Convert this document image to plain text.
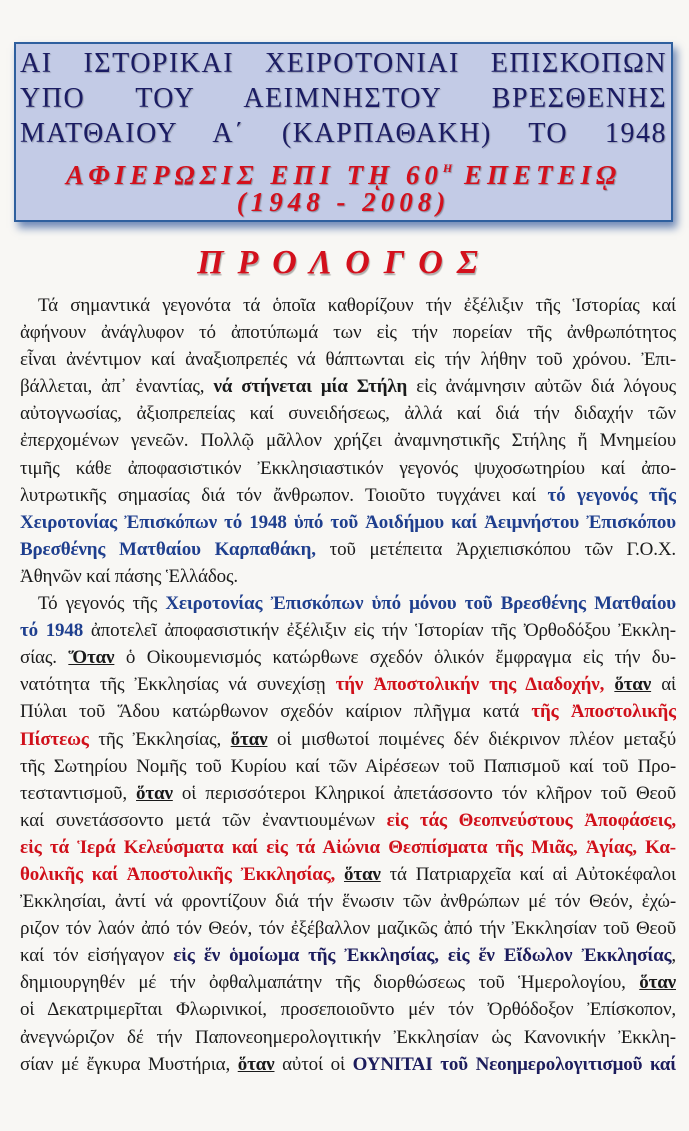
ΑΙ ΙΣΤΟΡΙΚΑΙ ΧΕΙΡΟΤΟΝΙΑΙ ΕΠΙΣΚΟΠΩΝ
ΥΠΟ ΤΟΥ ΑΕΙΜΝΗΣΤΟΥ ΒΡΕΣΘΕΝΗΣ
ΜΑΤΘΑΙΟΥ Α΄ (ΚΑΡΠΑΘΑΚΗ) ΤΟ 1948
ΑΦΙΕΡΩΣΙΣ ΕΠΙ Τῌ $60^H$ ΕΠΕΤΕΙῼ
(1948 - 2008)
ΠΡΟΛΟΓΟΣ
Τά σημαντικά γεγονότα τά ὁποῖα καθορίζουν τήν ἐξέλιξιν τῆς Ἱστορίας καί
ἀφήνουν ἀνάγλυφον τό ἀποτύπωμά των εἰς τήν πορείαν τῆς ἀνθρωπότητος
εἶναι ἀνέντιμον καί ἀναξιοπρεπές νά θάπτωνται εἰς τήν λήθην τοῦ χρόνου. Ἐπι-
βάλλεται, ἀπ᾽ ἐναντίας, νά στήνεται μία Στήλη εἰς ἀνάμνησιν αὐτῶν διά λόγους
αὐτογνωσίας, ἀξιοπρεπείας καί συνειδήσεως, ἀλλά καί διά τήν διδαχήν τῶν
ἐπερχομένων γενεῶν. Πολλῷ μᾶλλον χρήζει ἀναμνηστικῆς Στήλης ἤ Μνημείου
τιμῆς κάθε ἀποφασιστικόν Ἐκκλησιαστικόν γεγονός ψυχοσωτηρίου καί ἀπο-
λυτρωτικῆς σημασίας διά τόν ἄνθρωπον. Τοιοῦτο τυγχάνει καί τό γεγονός τῆς
Χειροτονίας Ἐπισκόπων τό 1948 ὑπό τοῦ Ἀοιδήμου καί Ἀειμνήστου Ἐπισκόπου
Βρεσθένης Ματθαίου Καρπαθάκη, τοῦ μετέπειτα Ἀρχιεπισκόπου τῶν Γ.Ο.Χ.
Ἀθηνῶν καί πάσης Ἑλλάδος.
Τό γεγονός τῆς Χειροτονίας Ἐπισκόπων ὑπό μόνου τοῦ Βρεσθένης Ματθαίου
τό 1948 ἀποτελεῖ ἀποφασιστικήν ἐξέλιξιν εἰς τήν Ἱστορίαν τῆς Ὀρθοδόξου Ἐκκλη-
σίας. Ὅταν ὁ Οἰκουμενισμός κατώρθωνε σχεδόν ὁλικόν ἔμφραγμα εἰς τήν δυ-
νατότητα τῆς Ἐκκλησίας νά συνεχίσῃ τήν Ἀποστολικήν της Διαδοχήν, ὅταν αἱ
Πύλαι τοῦ Ἅδου κατώρθωνον σχεδόν καίριον πλῆγμα κατά τῆς Ἀποστολικῆς
Πίστεως τῆς Ἐκκλησίας, ὅταν οἱ μισθωτοί ποιμένες δέν διέκρινον πλέον μεταξύ
τῆς Σωτηρίου Νομῆς τοῦ Κυρίου καί τῶν Αἱρέσεων τοῦ Παπισμοῦ καί τοῦ Προ-
τεσταντισμοῦ, ὅταν οἱ περισσότεροι Κληρικοί ἀπετάσσοντο τόν κλῆρον τοῦ Θεοῦ
καί συνετάσσοντο μετά τῶν ἐναντιουμένων εἰς τάς Θεοπνεύστους Ἀποφάσεις,
εἰς τά Ἱερά Κελεύσματα καί εἰς τά Αἰώνια Θεσπίσματα τῆς Μιᾶς, Ἁγίας, Κα-
θολικῆς καί Ἀποστολικῆς Ἐκκλησίας, ὅταν τά Πατριαρχεῖα καί αἱ Αὐτοκέφαλοι
Ἐκκλησίαι, ἀντί νά φροντίζουν διά τήν ἕνωσιν τῶν ἀνθρώπων μέ τόν Θεόν, ἐχώ-
ριζον τόν λαόν ἀπό τόν Θεόν, τόν ἐξέβαλλον μαζικῶς ἀπό τήν Ἐκκλησίαν τοῦ Θεοῦ
καί τόν εἰσήγαγον εἰς ἕν ὁμοίωμα τῆς Ἐκκλησίας, εἰς ἕν Εἴδωλον Ἐκκλησίας,
δημιουργηθέν μέ τήν ὀφθαλμαπάτην τῆς διορθώσεως τοῦ Ἡμερολογίου, ὅταν
οἱ Δεκατριμερῖται Φλωρινικοί, προσεποιοῦντο μέν τόν Ὀρθόδοξον Ἐπίσκοπον,
ἀνεγνώριζον δέ τήν Παπονεοημερολογιτικήν Ἐκκλησίαν ὡς Κανονικήν Ἐκκλη-
σίαν μέ ἔγκυρα Μυστήρια, ὅταν αὐτοί οἱ ΟΥΝΙΤΑΙ τοῦ Νεοημερολογιτισμοῦ καί
